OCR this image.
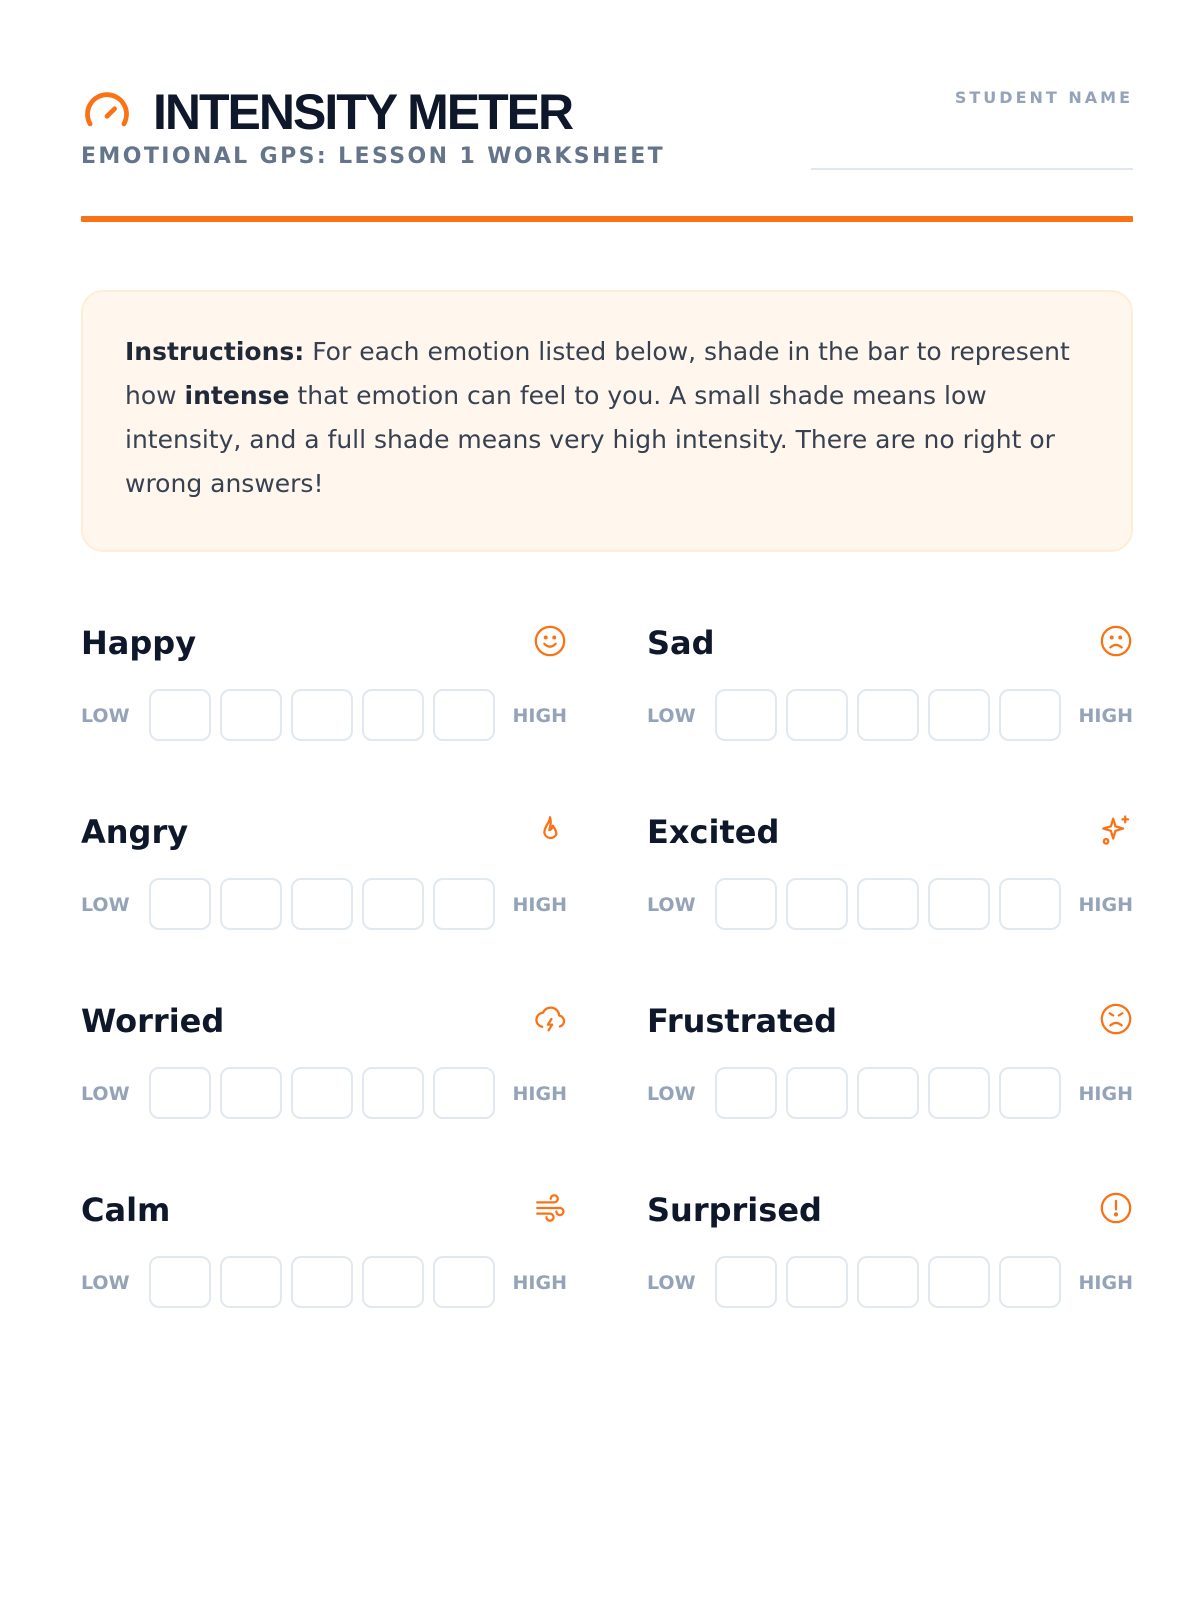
INTENSITY METER
EMOTIONAL GPS: LESSON 1 WORKSHEET
STUDENT NAME
Instructions: For each emotion listed below, shade in the bar to represent how intense that emotion can feel to you. A small shade means low intensity, and a full shade means very high intensity. There are no right or wrong answers!
Happy
LOW	HIGH
Sad
LOW	HIGH
Angry
LOW	HIGH
Excited
LOW	HIGH
Worried
LOW	HIGH
Frustrated
LOW	HIGH
Calm
LOW	HIGH
Surprised
LOW	HIGH
